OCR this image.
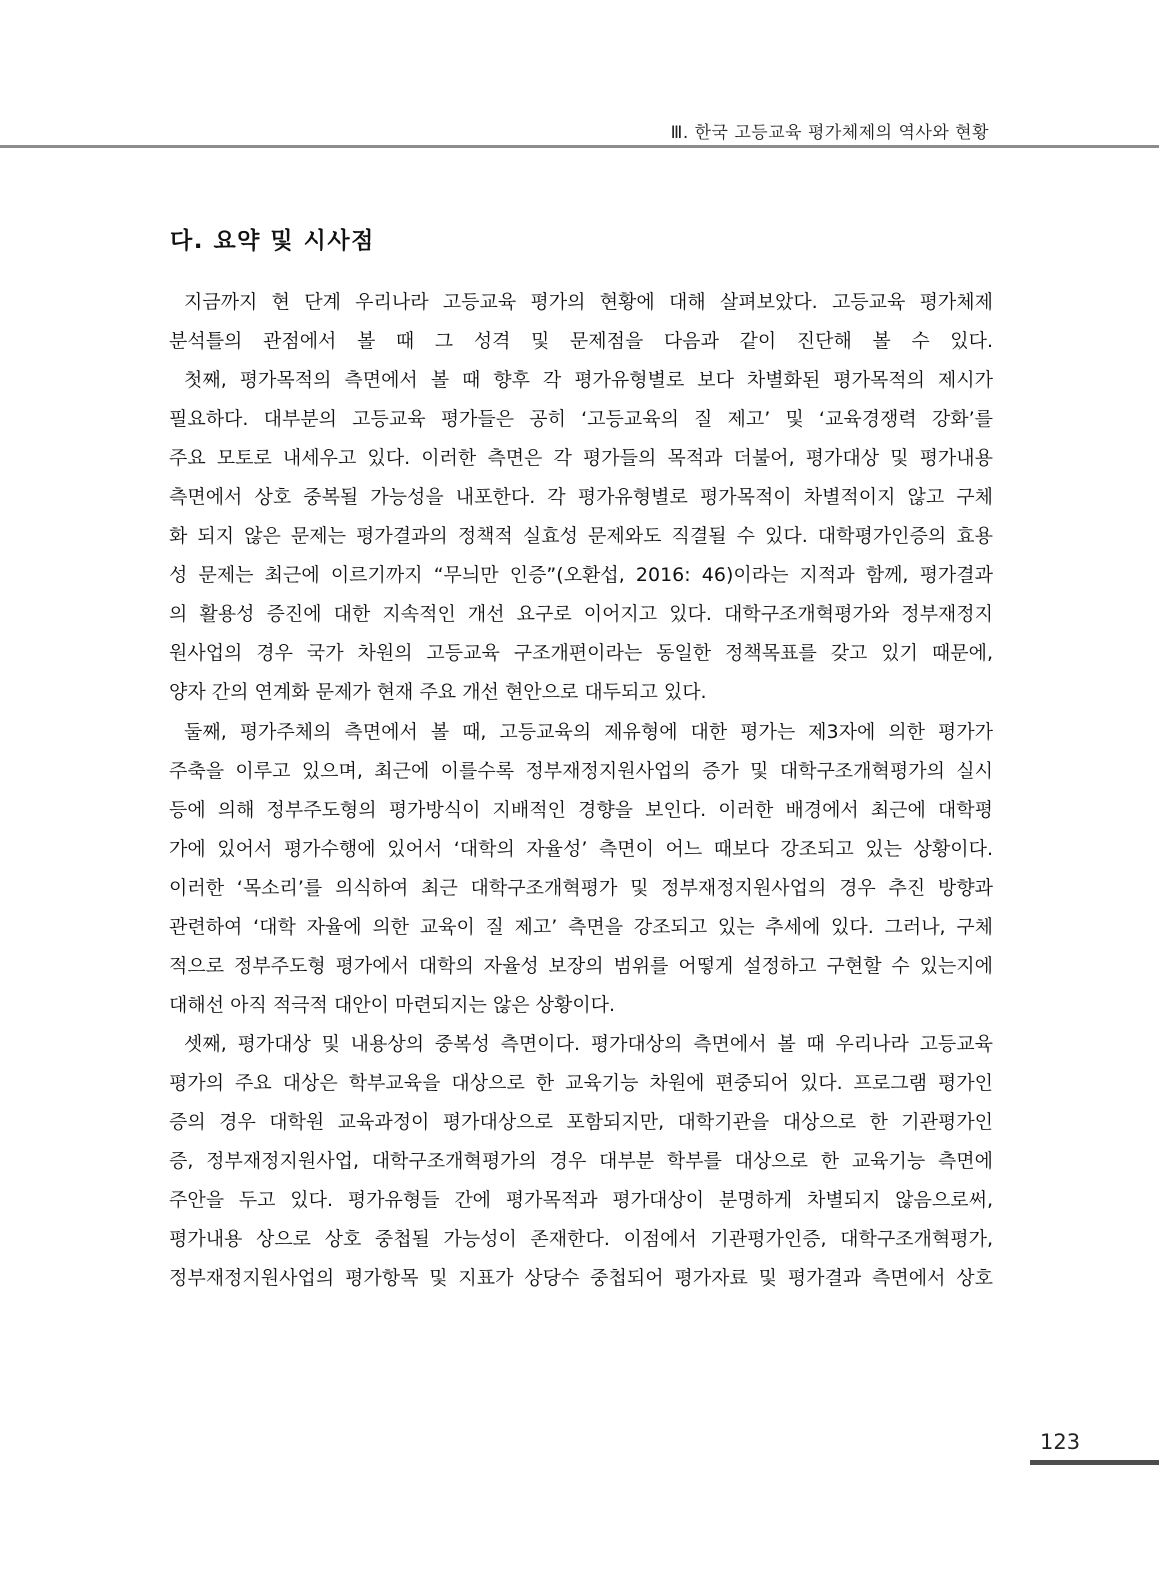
Ⅲ. 한국 고등교육 평가체제의 역사와 현황
다. 요약 및 시사점
지금까지 현 단계 우리나라 고등교육 평가의 현황에 대해 살펴보았다. 고등교육 평가체제
분석틀의 관점에서 볼 때 그 성격 및 문제점을 다음과 같이 진단해 볼 수 있다.
첫째, 평가목적의 측면에서 볼 때 향후 각 평가유형별로 보다 차별화된 평가목적의 제시가
필요하다. 대부분의 고등교육 평가들은 공히 ‘고등교육의 질 제고’ 및 ‘교육경쟁력 강화’를
주요 모토로 내세우고 있다. 이러한 측면은 각 평가들의 목적과 더불어, 평가대상 및 평가내용
측면에서 상호 중복될 가능성을 내포한다. 각 평가유형별로 평가목적이 차별적이지 않고 구체
화 되지 않은 문제는 평가결과의 정책적 실효성 문제와도 직결될 수 있다. 대학평가인증의 효용
성 문제는 최근에 이르기까지 “무늬만 인증”(오환섭, 2016: 46)이라는 지적과 함께, 평가결과
의 활용성 증진에 대한 지속적인 개선 요구로 이어지고 있다. 대학구조개혁평가와 정부재정지
원사업의 경우 국가 차원의 고등교육 구조개편이라는 동일한 정책목표를 갖고 있기 때문에,
양자 간의 연계화 문제가 현재 주요 개선 현안으로 대두되고 있다.
둘째, 평가주체의 측면에서 볼 때, 고등교육의 제유형에 대한 평가는 제3자에 의한 평가가
주축을 이루고 있으며, 최근에 이를수록 정부재정지원사업의 증가 및 대학구조개혁평가의 실시
등에 의해 정부주도형의 평가방식이 지배적인 경향을 보인다. 이러한 배경에서 최근에 대학평
가에 있어서 평가수행에 있어서 ‘대학의 자율성’ 측면이 어느 때보다 강조되고 있는 상황이다.
이러한 ‘목소리’를 의식하여 최근 대학구조개혁평가 및 정부재정지원사업의 경우 추진 방향과
관련하여 ‘대학 자율에 의한 교육이 질 제고’ 측면을 강조되고 있는 추세에 있다. 그러나, 구체
적으로 정부주도형 평가에서 대학의 자율성 보장의 범위를 어떻게 설정하고 구현할 수 있는지에
대해선 아직 적극적 대안이 마련되지는 않은 상황이다.
셋째, 평가대상 및 내용상의 중복성 측면이다. 평가대상의 측면에서 볼 때 우리나라 고등교육
평가의 주요 대상은 학부교육을 대상으로 한 교육기능 차원에 편중되어 있다. 프로그램 평가인
증의 경우 대학원 교육과정이 평가대상으로 포함되지만, 대학기관을 대상으로 한 기관평가인
증, 정부재정지원사업, 대학구조개혁평가의 경우 대부분 학부를 대상으로 한 교육기능 측면에
주안을 두고 있다. 평가유형들 간에 평가목적과 평가대상이 분명하게 차별되지 않음으로써,
평가내용 상으로 상호 중첩될 가능성이 존재한다. 이점에서 기관평가인증, 대학구조개혁평가,
정부재정지원사업의 평가항목 및 지표가 상당수 중첩되어 평가자료 및 평가결과 측면에서 상호
123
